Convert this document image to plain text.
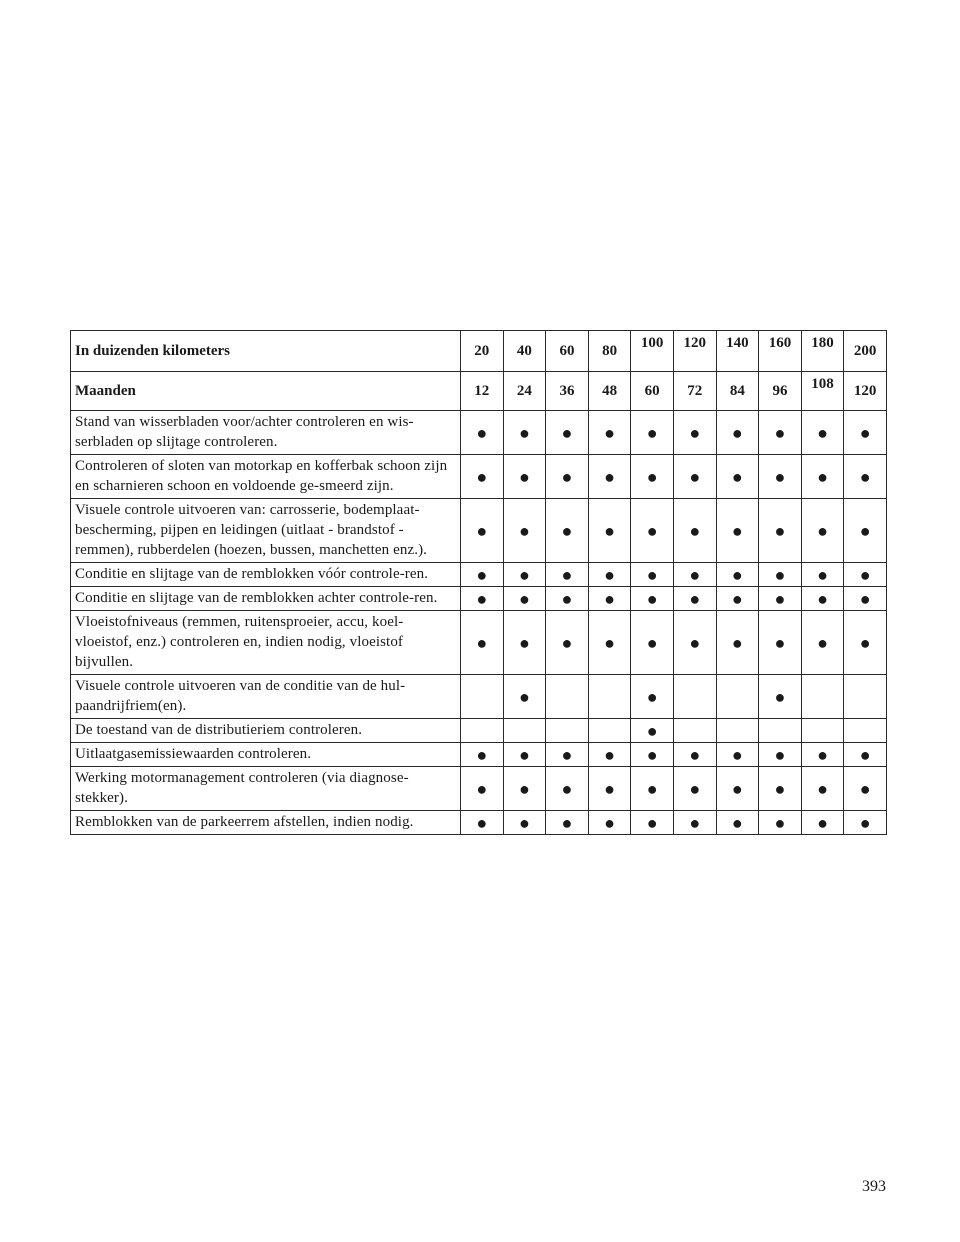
In duizenden kilometers	20	40	60	80	100	120	140	160	180	200
Maanden	12	24	36	48	60	72	84	96	108	120
Stand van wisserbladen voor/achter controleren en wis-serbladen op slijtage controleren.	●	●	●	●	●	●	●	●	●	●
Controleren of sloten van motorkap en kofferbak schoon zijn en scharnieren schoon en voldoende ge-smeerd zijn.	●	●	●	●	●	●	●	●	●	●
Visuele controle uitvoeren van: carrosserie, bodemplaat-bescherming, pijpen en leidingen (uitlaat - brandstof - remmen), rubberdelen (hoezen, bussen, manchetten enz.).	●	●	●	●	●	●	●	●	●	●
Conditie en slijtage van de remblokken vóór controle-ren.	●	●	●	●	●	●	●	●	●	●
Conditie en slijtage van de remblokken achter controle-ren.	●	●	●	●	●	●	●	●	●	●
Vloeistofniveaus (remmen, ruitensproeier, accu, koel-vloeistof, enz.) controleren en, indien nodig, vloeistof bijvullen.	●	●	●	●	●	●	●	●	●	●
Visuele controle uitvoeren van de conditie van de hul-paandrijfriem(en).		●			●			●		
De toestand van de distributieriem controleren.					●					
Uitlaatgasemissiewaarden controleren.	●	●	●	●	●	●	●	●	●	●
Werking motormanagement controleren (via diagnose-stekker).	●	●	●	●	●	●	●	●	●	●
Remblokken van de parkeerrem afstellen, indien nodig.	●	●	●	●	●	●	●	●	●	●
393
